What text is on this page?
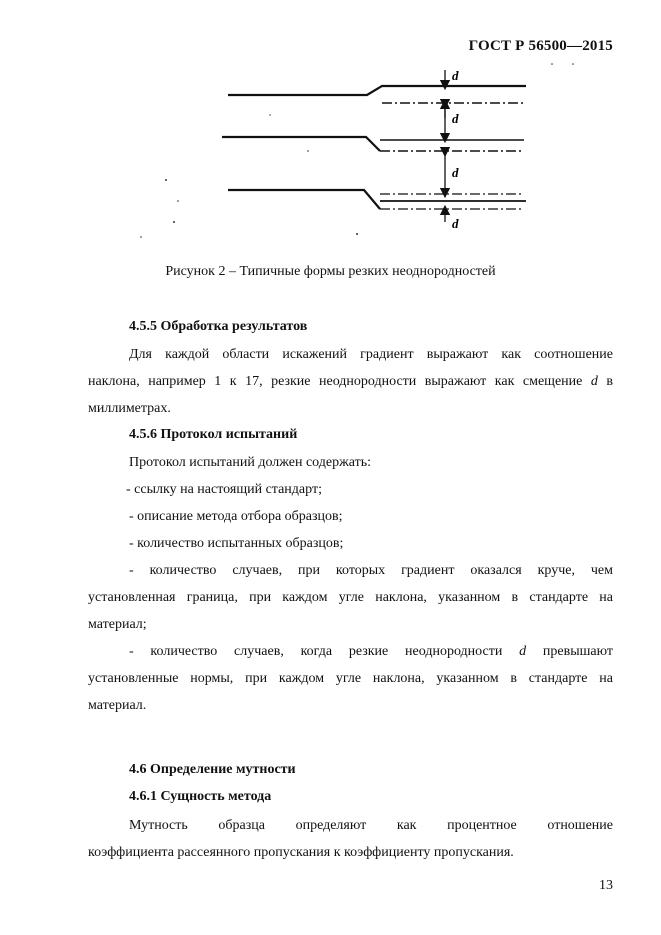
ГОСТ Р 56500—2015
d
d
d
d
Рисунок 2 – Типичные формы резких неоднородностей
4.5.5 Обработка результатов
Для каждой области искажений градиент выражают как соотношение
наклона, например 1 к 17, резкие неоднородности выражают как смещение d в
миллиметрах.
4.5.6 Протокол испытаний
Протокол испытаний должен содержать:
- ссылку на настоящий стандарт;
- описание метода отбора образцов;
- количество испытанных образцов;
- количество случаев, при которых градиент оказался круче, чем
установленная граница, при каждом угле наклона, указанном в стандарте на
материал;
- количество случаев, когда резкие неоднородности d превышают
установленные нормы, при каждом угле наклона, указанном в стандарте на
материал.
4.6 Определение мутности
4.6.1 Сущность метода
Мутность образца определяют как процентное отношение
коэффициента рассеянного пропускания к коэффициенту пропускания.
13
